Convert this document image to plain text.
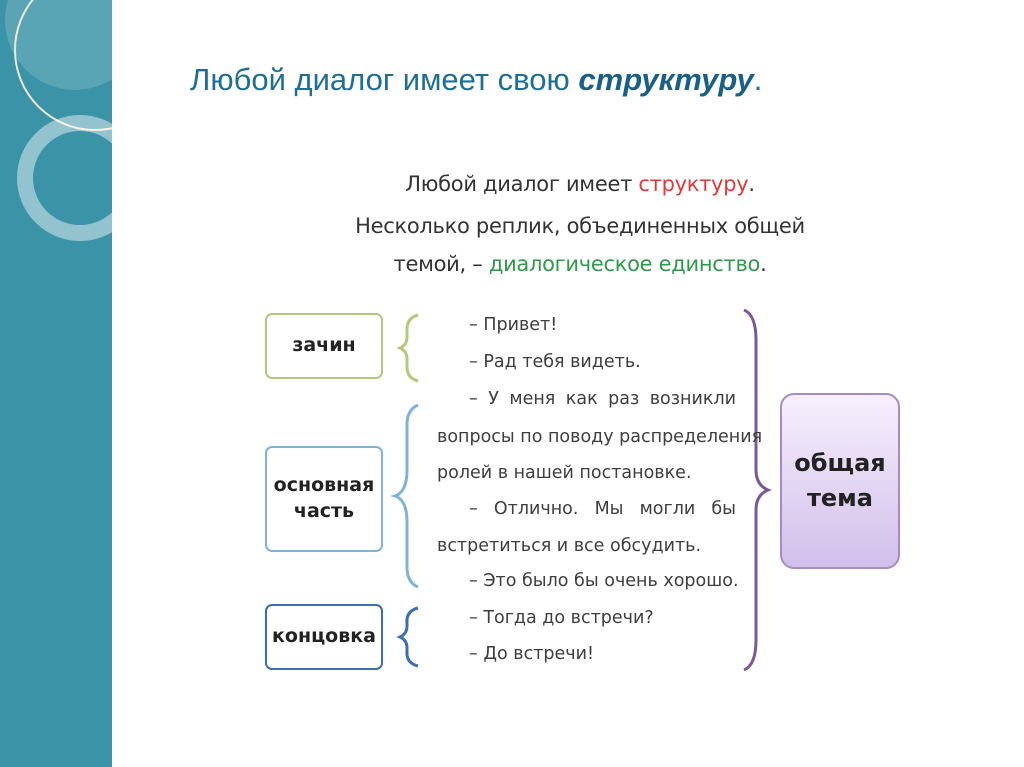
Любой диалог имеет свою структуру.
Любой диалог имеет структуру.
Несколько реплик, объединенных общей
темой, – диалогическое единство.
зачин
основная
часть
концовка
– Привет!
– Рад тебя видеть.
– У меня как раз возникли
вопросы по поводу распределения
ролей в нашей постановке.
– Отлично. Мы могли бы
встретиться и все обсудить.
– Это было бы очень хорошо.
– Тогда до встречи?
– До встречи!
общая
тема
